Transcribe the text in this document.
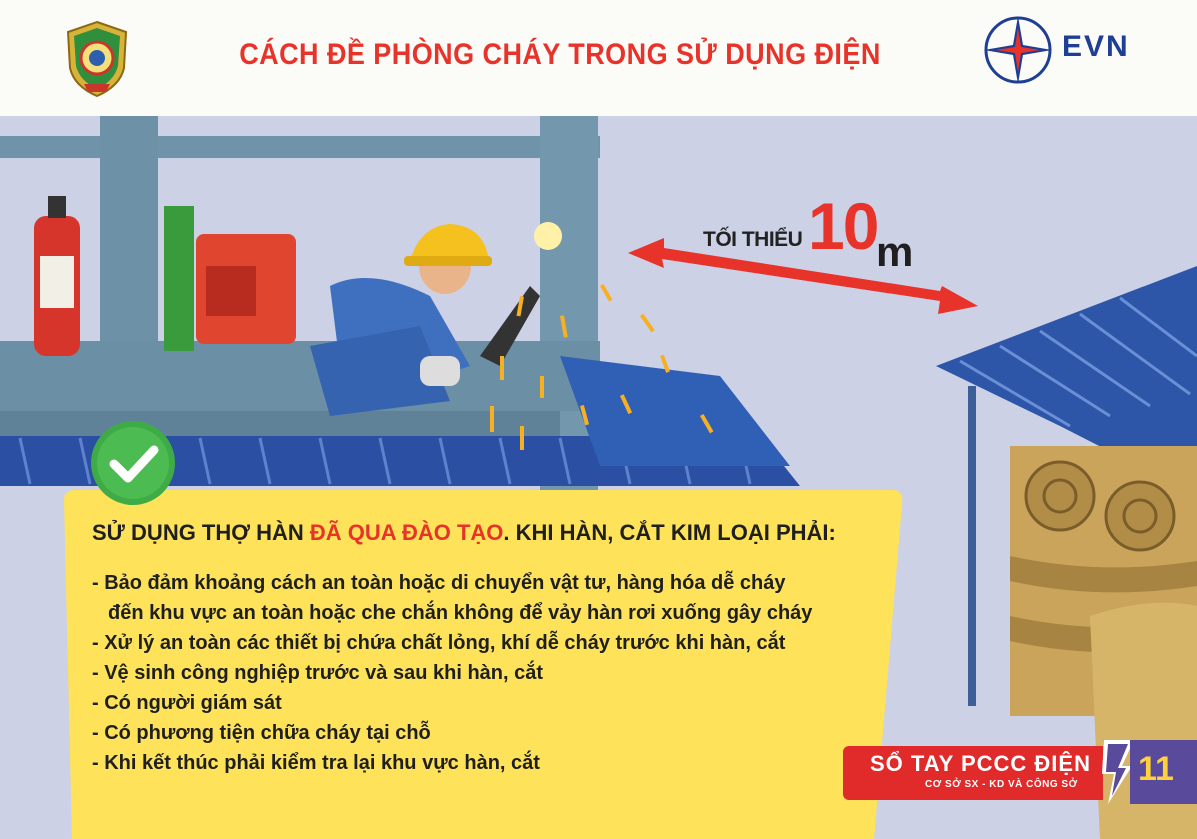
CÁCH ĐỀ PHÒNG CHÁY TRONG SỬ DỤNG ĐIỆN	EVN
TỐI THIỂU 10
m
SỬ DỤNG THỢ HÀN ĐÃ QUA ĐÀO TẠO. KHI HÀN, CẮT KIM LOẠI PHẢI:
- Bảo đảm khoảng cách an toàn hoặc di chuyển vật tư, hàng hóa dễ cháy
đến khu vực an toàn hoặc che chắn không để vảy hàn rơi xuống gây cháy
- Xử lý an toàn các thiết bị chứa chất lỏng, khí dễ cháy trước khi hàn, cắt
- Vệ sinh công nghiệp trước và sau khi hàn, cắt
- Có người giám sát
- Có phương tiện chữa cháy tại chỗ
- Khi kết thúc phải kiểm tra lại khu vực hàn, cắt	SỔ TAY PCCC ĐIỆN
CƠ SỞ SX - KD VÀ CÔNG SỞ 11
